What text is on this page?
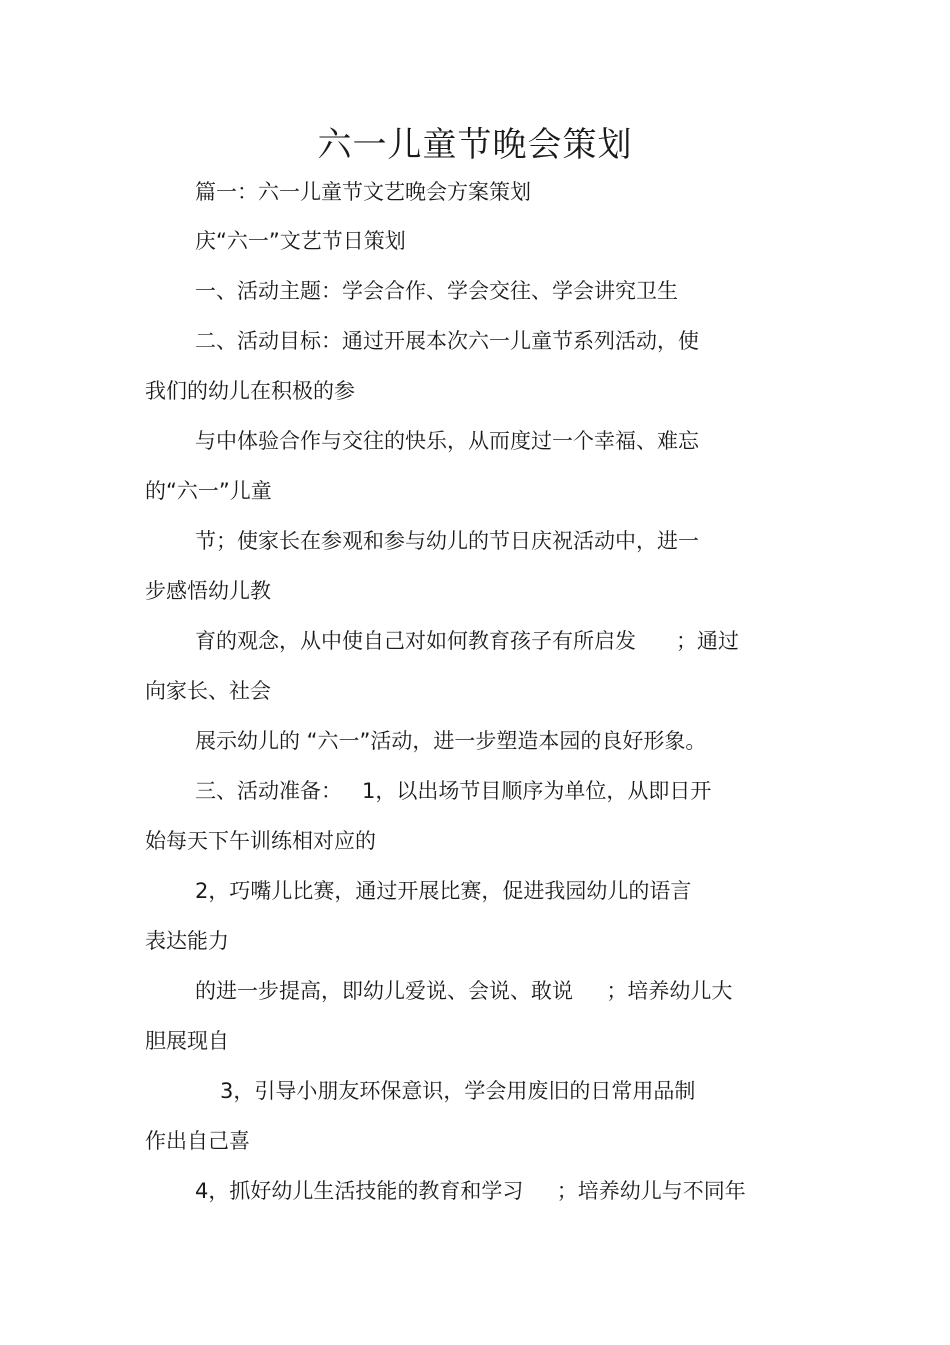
六一儿童节晚会策划

篇一：六一儿童节文艺晚会方案策划

庆“六一”文艺节日策划

一、活动主题：学会合作、学会交往、学会讲究卫生

二、活动目标：通过开展本次六一儿童节系列活动，使

我们的幼儿在积极的参

与中体验合作与交往的快乐，从而度过一个幸福、难忘

的“六一”儿童

节；使家长在参观和参与幼儿的节日庆祝活动中，进一

步感悟幼儿教

育的观念，从中使自己对如何教育孩子有所启发      ；通过

向家长、社会

展示幼儿的 “六一”活动，进一步塑造本园的良好形象。

三、活动准备：   1，以出场节目顺序为单位，从即日开

始每天下午训练相对应的

2，巧嘴儿比赛，通过开展比赛，促进我园幼儿的语言

表达能力

的进一步提高，即幼儿爱说、会说、敢说     ；培养幼儿大

胆展现自

3，引导小朋友环保意识，学会用废旧的日常用品制

作出自己喜

4，抓好幼儿生活技能的教育和学习     ；培养幼儿与不同年
